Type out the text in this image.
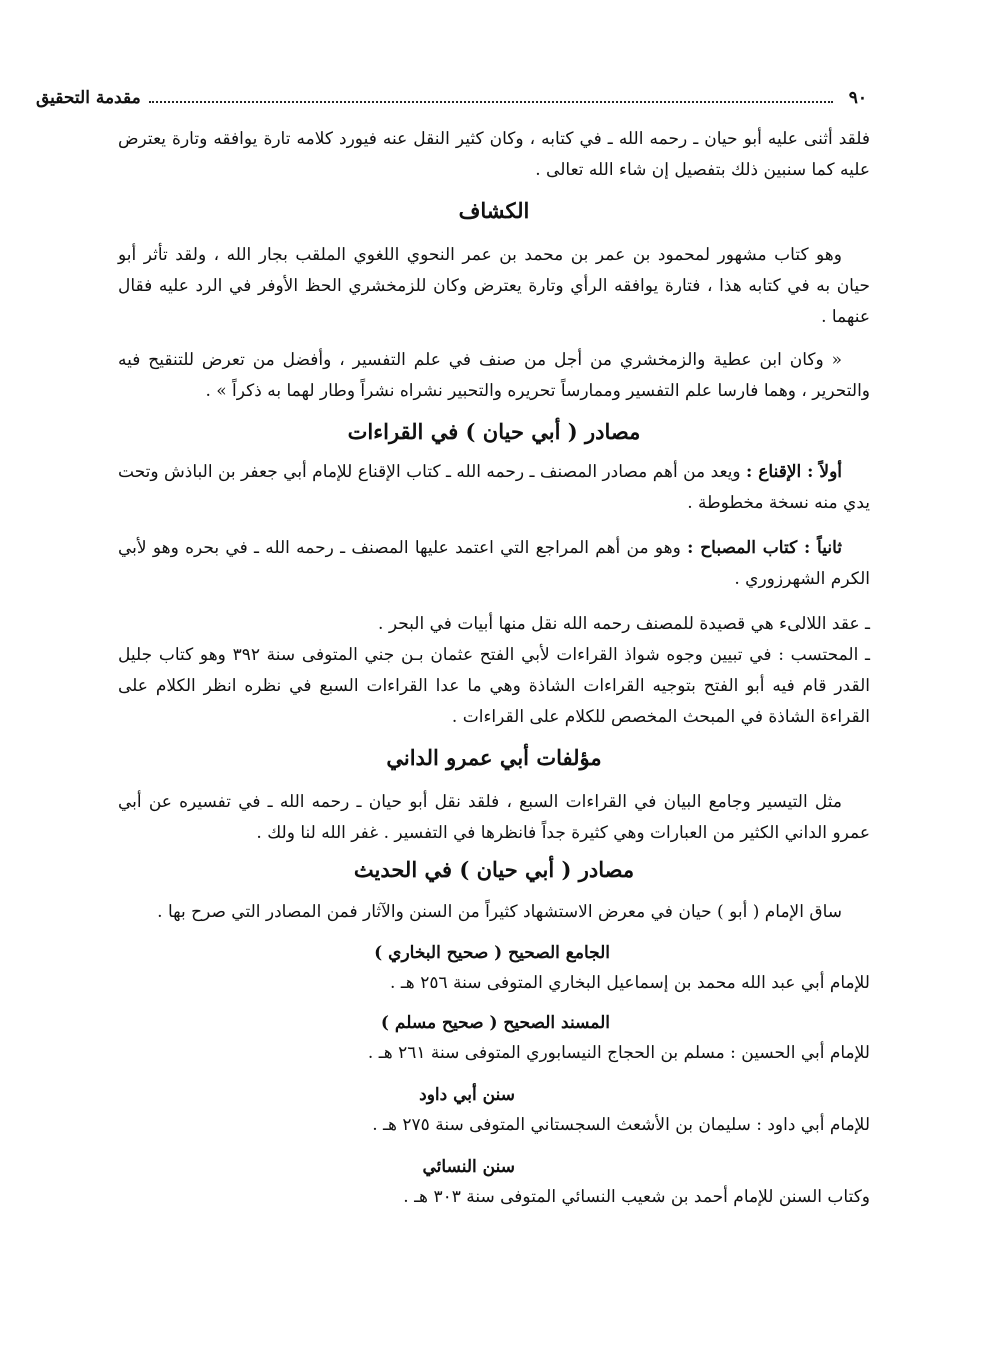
٩٠
مقدمة التحقيق

فلقد أثنى عليه أبو حيان ـ رحمه الله ـ في كتابه ، وكان كثير النقل عنه فيورد كلامه تارة يوافقه وتارة يعترض عليه كما سنبين ذلك بتفصيل إن شاء الله تعالى .

الكشاف

وهو كتاب مشهور لمحمود بن عمر بن محمد بن عمر النحوي اللغوي الملقب بجار الله ، ولقد تأثر أبو حيان به في كتابه هذا ، فتارة يوافقه الرأي وتارة يعترض وكان للزمخشري الحظ الأوفر في الرد عليه فقال عنهما .

« وكان ابن عطية والزمخشري من أجل من صنف في علم التفسير ، وأفضل من تعرض للتنقيح فيه والتحرير ، وهما فارسا علم التفسير وممارساً تحريره والتحبير نشراه نشراً وطار لهما به ذكراً » .

مصادر ( أبي حيان ) في القراءات

أولاً : الإقناع : ويعد من أهم مصادر المصنف ـ رحمه الله ـ كتاب الإقناع للإمام أبي جعفر بن الباذش وتحت يدي منه نسخة مخطوطة .

ثانياً : كتاب المصباح : وهو من أهم المراجع التي اعتمد عليها المصنف ـ رحمه الله ـ في بحره وهو لأبي الكرم الشهرزوري .

ـ عقد اللالىء هي قصيدة للمصنف رحمه الله نقل منها أبيات في البحر .

ـ المحتسب : في تبيين وجوه شواذ القراءات لأبي الفتح عثمان بـن جني المتوفى سنة ٣٩٢ وهو كتاب جليل القدر قام فيه أبو الفتح بتوجيه القراءات الشاذة وهي ما عدا القراءات السبع في نظره انظر الكلام على القراءة الشاذة في المبحث المخصص للكلام على القراءات .

مؤلفات أبي عمرو الداني

مثل التيسير وجامع البيان في القراءات السبع ، فلقد نقل أبو حيان ـ رحمه الله ـ في تفسيره عن أبي عمرو الداني الكثير من العبارات وهي كثيرة جداً فانظرها في التفسير . غفر الله لنا ولك .

مصادر ( أبي حيان ) في الحديث

ساق الإمام ( أبو ) حيان في معرض الاستشهاد كثيراً من السنن والآثار فمن المصادر التي صرح بها .

الجامع الصحيح ( صحيح البخاري )
للإمام أبي عبد الله محمد بن إسماعيل البخاري المتوفى سنة ٢٥٦ هـ .
المسند الصحيح ( صحيح مسلم )
للإمام أبي الحسين : مسلم بن الحجاج النيسابوري المتوفى سنة ٢٦١ هـ .
سنن أبي داود
للإمام أبي داود : سليمان بن الأشعث السجستاني المتوفى سنة ٢٧٥ هـ .
سنن النسائي
وكتاب السنن للإمام أحمد بن شعيب النسائي المتوفى سنة ٣٠٣ هـ .
